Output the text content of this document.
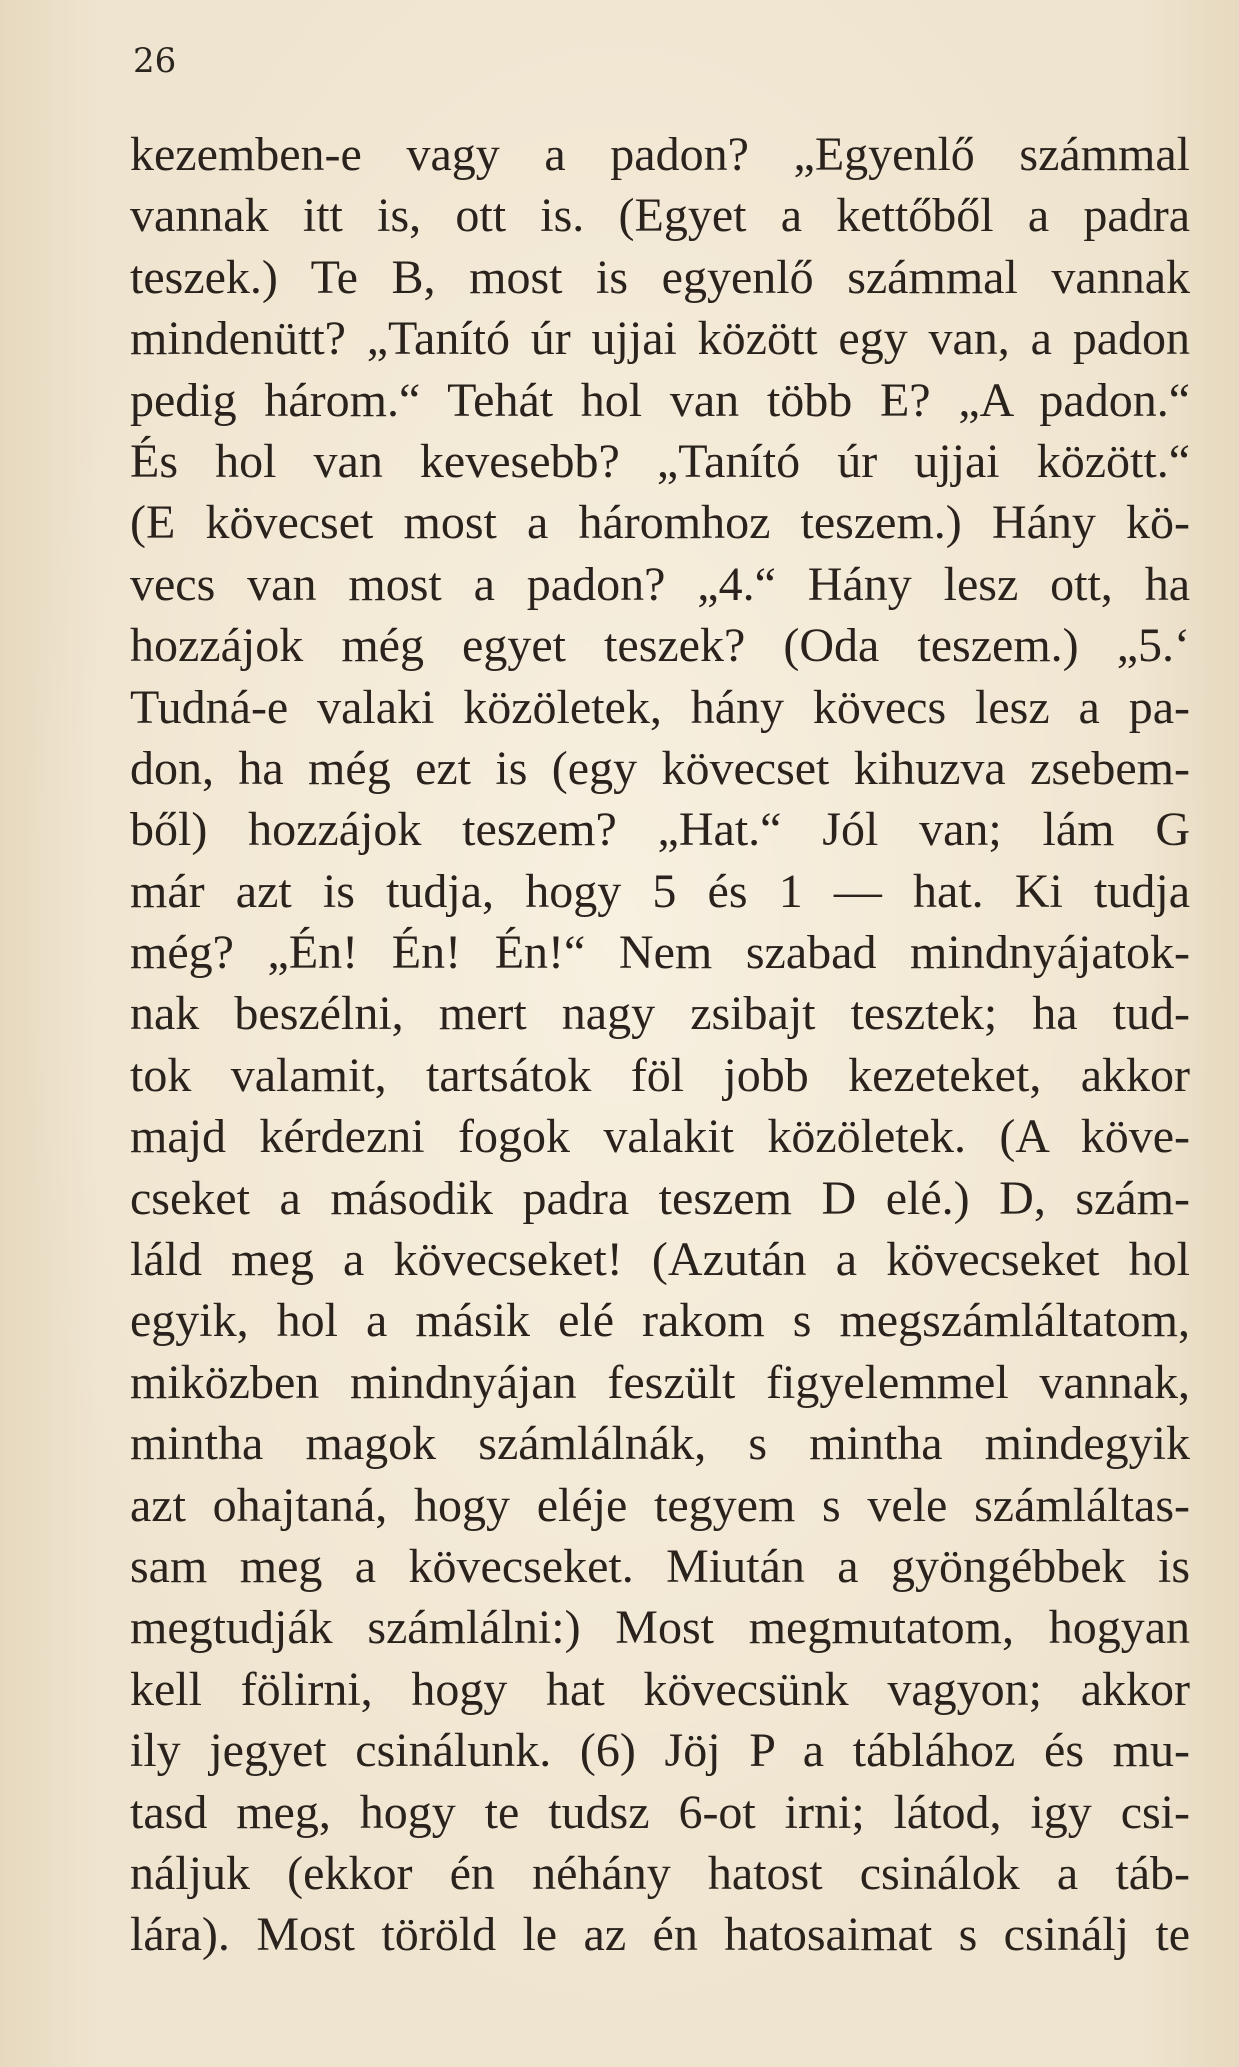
26
kezemben-e vagy a padon? „Egyenlő számmal
vannak itt is, ott is. (Egyet a kettőből a padra
teszek.) Te B, most is egyenlő számmal vannak
mindenütt? „Tanító úr ujjai között egy van, a padon
pedig három.“ Tehát hol van több E? „A padon.“
És hol van kevesebb? „Tanító úr ujjai között.“
(E kövecset most a háromhoz teszem.) Hány kö-
vecs van most a padon? „4.“ Hány lesz ott, ha
hozzájok még egyet teszek? (Oda teszem.) „5.‘
Tudná-e valaki közöletek, hány kövecs lesz a pa-
don, ha még ezt is (egy kövecset kihuzva zsebem-
ből) hozzájok teszem? „Hat.“ Jól van; lám G
már azt is tudja, hogy 5 és 1 — hat. Ki tudja
még? „Én! Én! Én!“ Nem szabad mindnyájatok-
nak beszélni, mert nagy zsibajt tesztek; ha tud-
tok valamit, tartsátok föl jobb kezeteket, akkor
majd kérdezni fogok valakit közöletek. (A köve-
cseket a második padra teszem D elé.) D, szám-
láld meg a kövecseket! (Azután a kövecseket hol
egyik, hol a másik elé rakom s megszámláltatom,
miközben mindnyájan feszült figyelemmel vannak,
mintha magok számlálnák, s mintha mindegyik
azt ohajtaná, hogy eléje tegyem s vele számláltas-
sam meg a kövecseket. Miután a gyöngébbek is
megtudják számlálni:) Most megmutatom, hogyan
kell fölirni, hogy hat kövecsünk vagyon; akkor
ily jegyet csinálunk. (6) Jöj P a táblához és mu-
tasd meg, hogy te tudsz 6-ot irni; látod, igy csi-
náljuk (ekkor én néhány hatost csinálok a táb-
lára). Most töröld le az én hatosaimat s csinálj te
